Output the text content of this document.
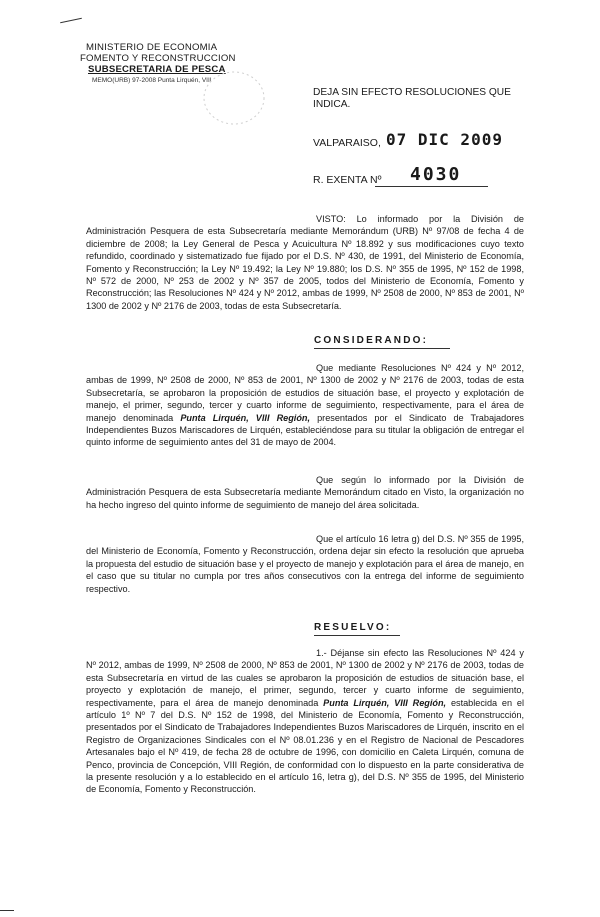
MINISTERIO DE ECONOMIA
FOMENTO Y RECONSTRUCCION
SUBSECRETARIA DE PESCA
MEMO(URB) 97-2008 Punta Lirquén, VIII
DEJA SIN EFECTO RESOLUCIONES QUE
INDICA.
VALPARAISO, 07 DIC 2009
R. EXENTA Nº 4030
VISTO: Lo informado por la División de Administración Pesquera de esta Subsecretaría mediante Memorándum (URB) Nº 97/08 de fecha 4 de diciembre de 2008; la Ley General de Pesca y Acuicultura Nº 18.892 y sus modificaciones cuyo texto refundido, coordinado y sistematizado fue fijado por el D.S. Nº 430, de 1991, del Ministerio de Economía, Fomento y Reconstrucción; la Ley Nº 19.492; la Ley Nº 19.880; los D.S. Nº 355 de 1995, Nº 152 de 1998, Nº 572 de 2000, Nº 253 de 2002 y Nº 357 de 2005, todos del Ministerio de Economía, Fomento y Reconstrucción; las Resoluciones Nº 424 y Nº 2012, ambas de 1999, Nº 2508 de 2000, Nº 853 de 2001, Nº 1300 de 2002 y Nº 2176 de 2003, todas de esta Subsecretaría.
CONSIDERANDO:
Que mediante Resoluciones Nº 424 y Nº 2012, ambas de 1999, Nº 2508 de 2000, Nº 853 de 2001, Nº 1300 de 2002 y Nº 2176 de 2003, todas de esta Subsecretaría, se aprobaron la proposición de estudios de situación base, el proyecto y explotación de manejo, el primer, segundo, tercer y cuarto informe de seguimiento, respectivamente, para el área de manejo denominada Punta Lirquén, VIII Región, presentados por el Sindicato de Trabajadores Independientes Buzos Mariscadores de Lirquén, estableciéndose para su titular la obligación de entregar el quinto informe de seguimiento antes del 31 de mayo de 2004.
Que según lo informado por la División de Administración Pesquera de esta Subsecretaría mediante Memorándum citado en Visto, la organización no ha hecho ingreso del quinto informe de seguimiento de manejo del área solicitada.
Que el artículo 16 letra g) del D.S. Nº 355 de 1995, del Ministerio de Economía, Fomento y Reconstrucción, ordena dejar sin efecto la resolución que aprueba la propuesta del estudio de situación base y el proyecto de manejo y explotación para el área de manejo, en el caso que su titular no cumpla por tres años consecutivos con la entrega del informe de seguimiento respectivo.
RESUELVO:
1.- Déjanse sin efecto las Resoluciones Nº 424 y Nº 2012, ambas de 1999, Nº 2508 de 2000, Nº 853 de 2001, Nº 1300 de 2002 y Nº 2176 de 2003, todas de esta Subsecretaría en virtud de las cuales se aprobaron la proposición de estudios de situación base, el proyecto y explotación de manejo, el primer, segundo, tercer y cuarto informe de seguimiento, respectivamente, para el área de manejo denominada Punta Lirquén, VIII Región, establecida en el artículo 1º Nº 7 del D.S. Nº 152 de 1998, del Ministerio de Economía, Fomento y Reconstrucción, presentados por el Sindicato de Trabajadores Independientes Buzos Mariscadores de Lirquén, inscrito en el Registro de Organizaciones Sindicales con el Nº 08.01.236 y en el Registro de Nacional de Pescadores Artesanales bajo el Nº 419, de fecha 28 de octubre de 1996, con domicilio en Caleta Lirquén, comuna de Penco, provincia de Concepción, VIII Región, de conformidad con lo dispuesto en la parte considerativa de la presente resolución y a lo establecido en el artículo 16, letra g), del D.S. Nº 355 de 1995, del Ministerio de Economía, Fomento y Reconstrucción.
